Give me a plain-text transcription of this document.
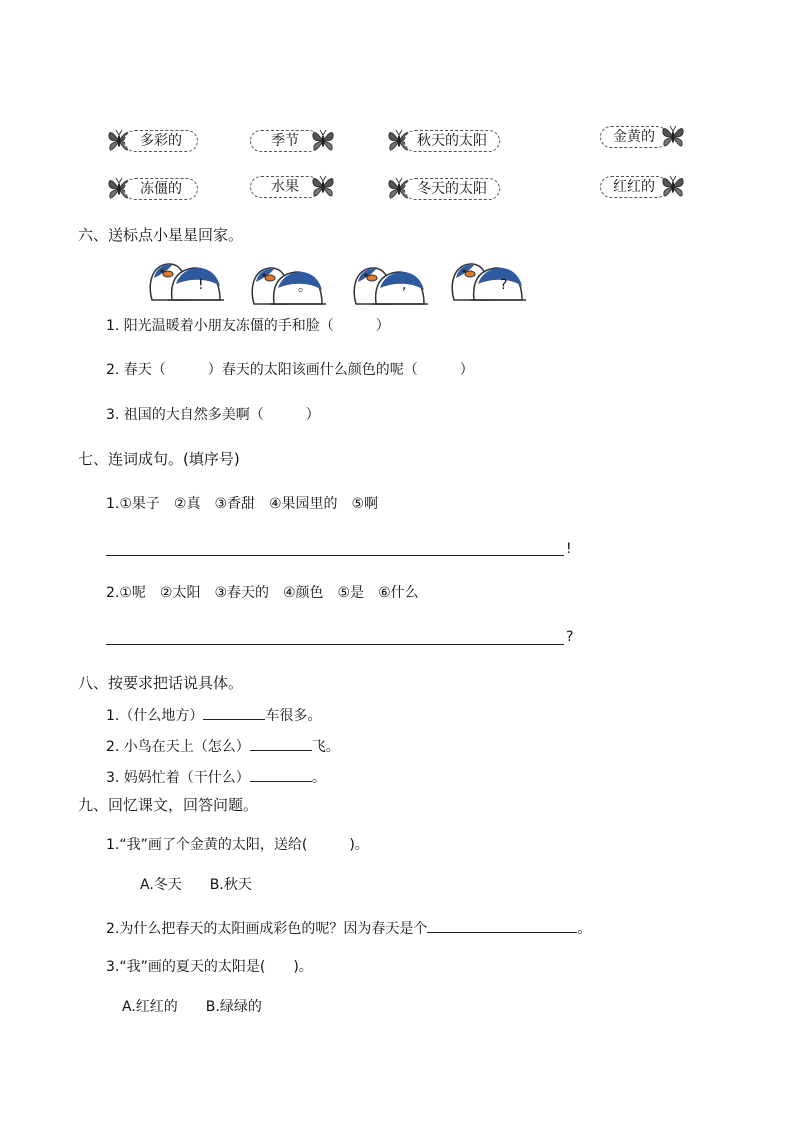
多彩的	季节	秋天的太阳	金黄的
冻僵的	水果	冬天的太阳	红红的
六、送标点小星星回家。
!	。	,	?
1. 阳光温暖着小朋友冻僵的手和脸（　　　）
2. 春天（　　　）春天的太阳该画什么颜色的呢（　　　）
3. 祖国的大自然多美啊（　　　）
七、连词成句。(填序号)
1.①果子　②真　③香甜　④果园里的　⑤啊
!
2.①呢　②太阳　③春天的　④颜色　⑤是　⑥什么
?
八、按要求把话说具体。
1.（什么地方）	车很多。
2. 小鸟在天上（怎么）	飞。
3. 妈妈忙着（干什么）	。
九、回忆课文，回答问题。
1.“我”画了个金黄的太阳，送给(　　　)。
A.冬天　　B.秋天
2.为什么把春天的太阳画成彩色的呢？因为春天是个	。
3.“我”画的夏天的太阳是(　　)。
A.红红的　　B.绿绿的
